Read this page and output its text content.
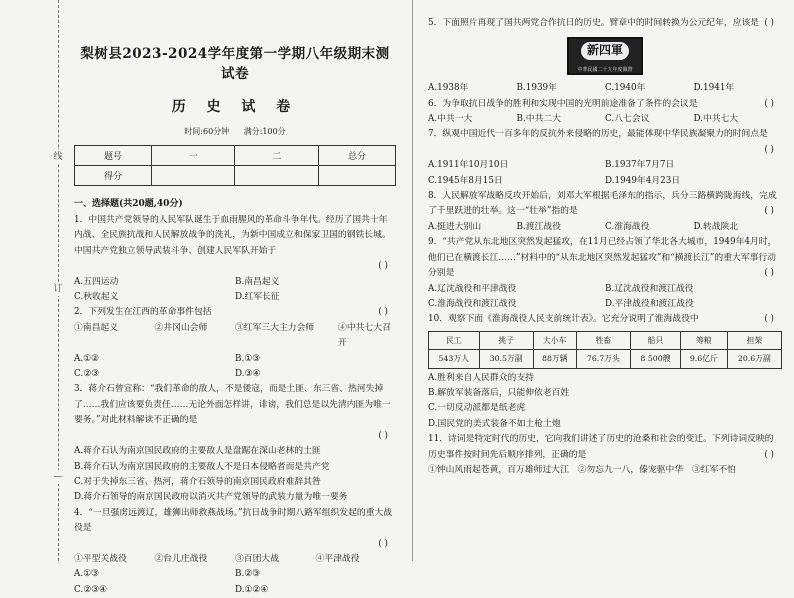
线
订
—
梨树县2023-2024学年度第一学期八年级期末测试卷
历 史 试 卷
时间:60分钟 满分:100分
题号	一	二	总分
得分			
一、选择题(共20题,40分)
1．中国共产党领导的人民军队诞生于血雨腥风的革命斗争年代。经历了国共十年内战、全民族抗战和人民解放战争的洗礼，为新中国成立和保家卫国的钢铁长城。中国共产党独立领导武装斗争、创建人民军队开始于
( )
A.五四运动	B.南昌起义
C.秋收起义	D.红军长征
2．下列发生在江西的革命事件包括	( )
①南昌起义	②井冈山会师	③红军三大主力会师	④中共七大召开
A.①②	B.①③
C.②③	D.③④
3．蒋介石曾宣称：“我们革命的敌人，不是倭寇，而是土匪、东三省、热河失掉了……我们应该要负责任……无论外面怎样讲，诽谤，我们总是以先清内匪为唯一要务。”对此材料解读不正确的是
( )
A.蒋介石认为南京国民政府的主要敌人是盘踞在深山老林的土匪
B.蒋介石认为南京国民政府的主要敌人不是日本侵略者而是共产党
C.对于失掉东三省、热河，蒋介石领导的南京国民政府难辞其咎
D.蒋介石领导的南京国民政府以消灭共产党领导的武装力量为唯一要务
4．“一旦强虏远渡辽，雄狮出师救燕战场。”抗日战争时期八路军组织发起的重大战役是
( )
①平型关战役	②台儿庄战役	③百团大战	④平津战役
A.①③	B.②③
C.②③④	D.①②④
5．下面照片再现了国共两党合作抗日的历史。臂章中的时间转换为公元纪年，应该是 ( )
新四軍
中華民國二十九年度佩帶
A.1938年	B.1939年	C.1940年	D.1941年
6．为争取抗日战争的胜利和实现中国的光明前途准备了条件的会议是	( )
A.中共一大	B.中共二大	C.八七会议	D.中共七大
7．纵观中国近代一百多年的反抗外来侵略的历史，最能体现中华民族凝聚力的时间点是
( )
A.1911年10月10日	B.1937年7月7日
C.1945年8月15日	D.1949年4月23日
8．人民解放军战略反攻开始后，刘邓大军根据毛泽东的指示，兵分三路横跨陇海线，完成了千里跃进的壮举。这一“壮举”指的是	( )
A.挺进大别山	B.渡江战役	C.淮海战役	D.转战陕北
9．“共产党从东北地区突然发起猛攻，在11月已经占领了华北各大城市，1949年4月时，他们已在横渡长江……”材料中的“从东北地区突然发起猛攻”和“横渡长江”的重大军事行动分别是	( )
A.辽沈战役和平津战役	B.辽沈战役和渡江战役
C.淮海战役和渡江战役	D.平津战役和渡江战役
10．观察下面《淮海战役人民支前统计表》。它充分说明了淮海战役中	( )
民工	挑子	大小车	牲畜	船只	筹粮	担架
543万人	30.5万副	88万辆	76.7万头	8 500艘	9.6亿斤	20.6万副
A.胜利来自人民群众的支持
B.解放军装备落后，只能伸依老百姓
C.一切反动派都是纸老虎
D.国民党的美式装备不如土枪土炮
11．诗词是特定时代的历史，它向我们讲述了历史的沧桑和社会的变迁。下列诗词反映的历史事件按时间先后顺序排列，正确的是	( )
①钟山风雨起苍黄，百万雄师过大江 ②勿忘九一八，傣宠驱中华 ③红军不怕
